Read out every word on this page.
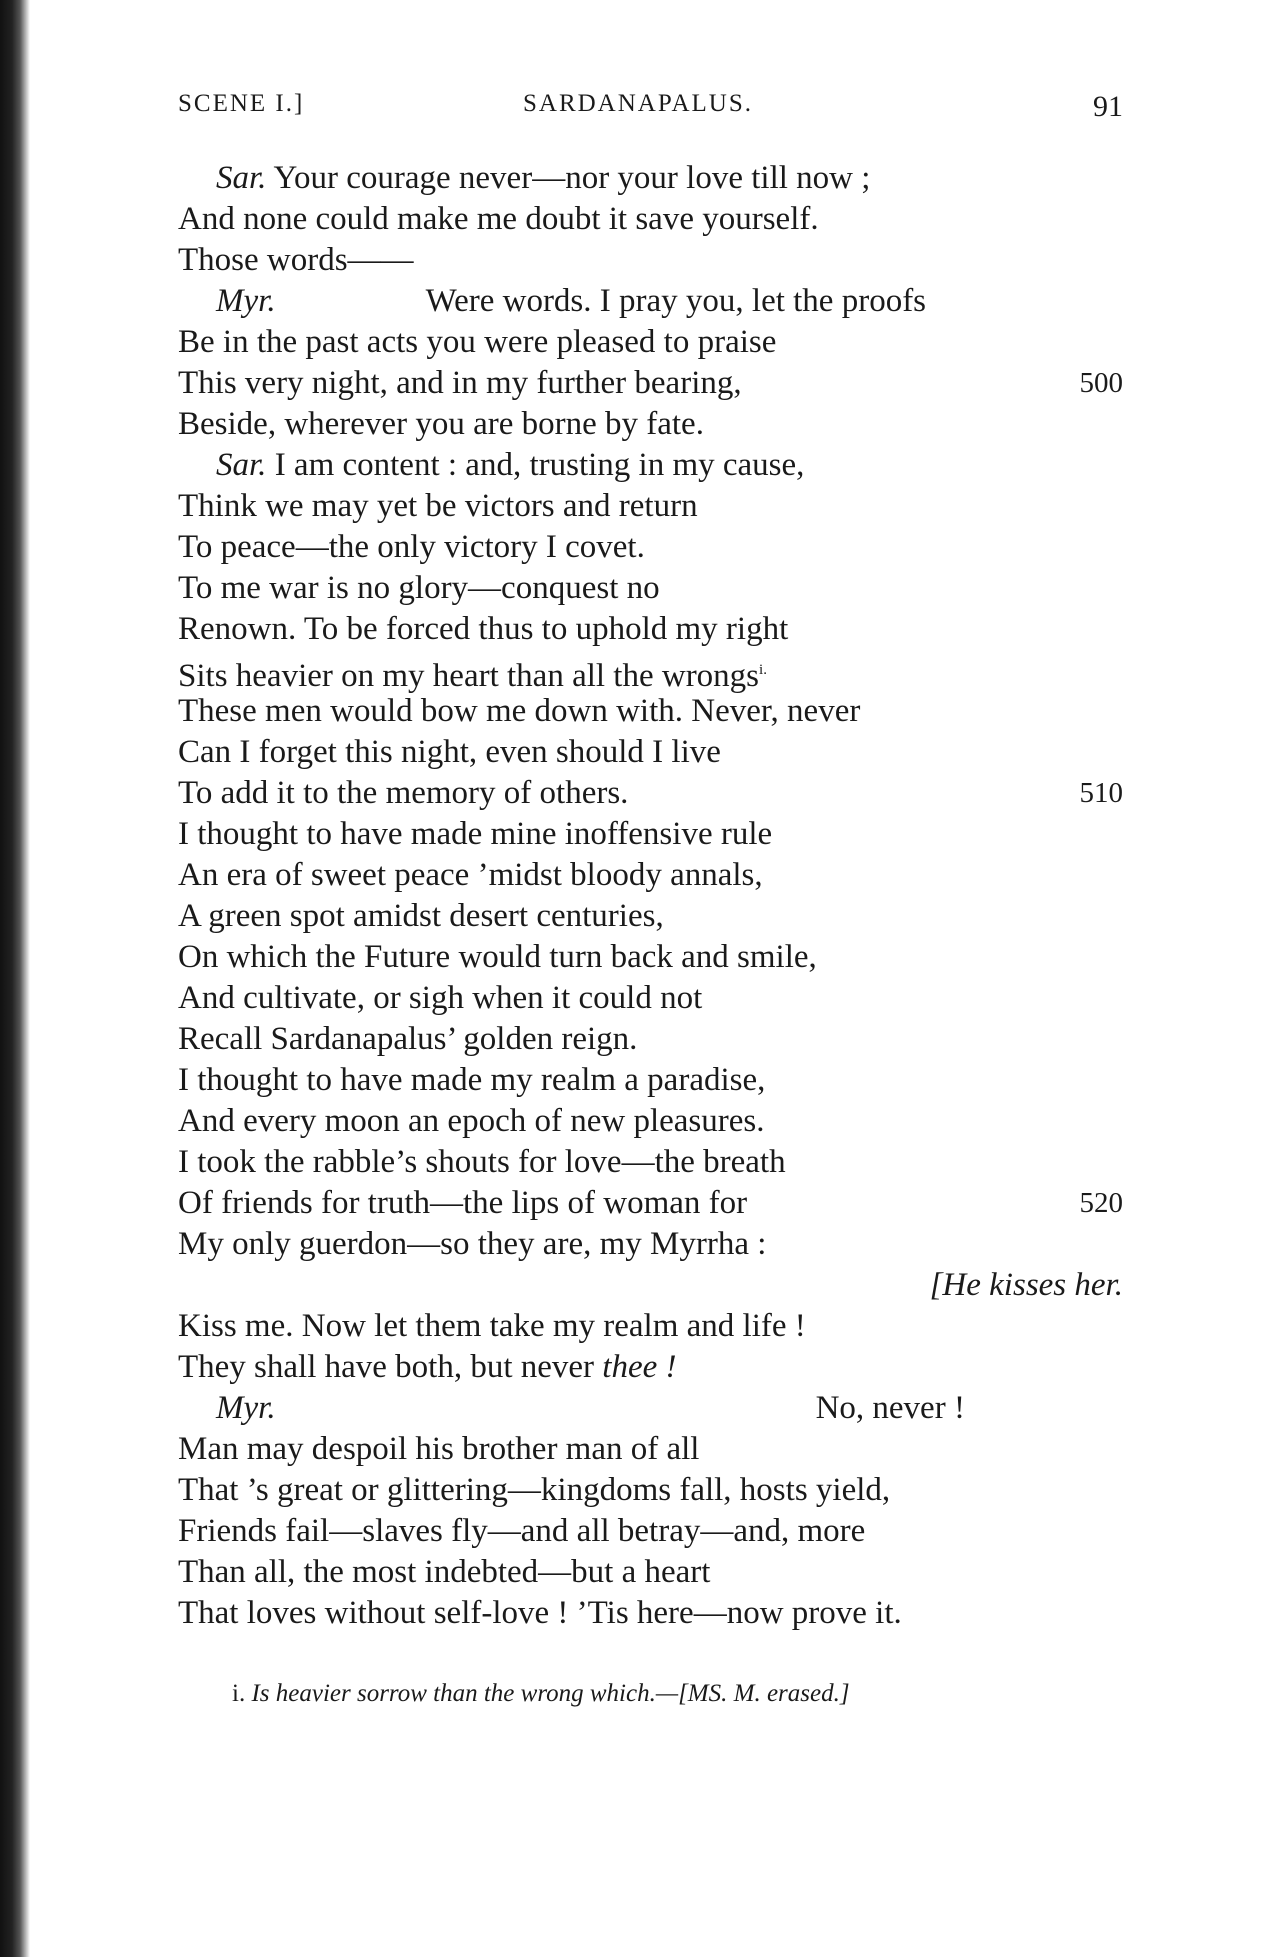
SCENE I.]	SARDANAPALUS.	91
Sar. Your courage never—nor your love till now ;
And none could make me doubt it save yourself.
Those words——
Myr.	Were words. I pray you, let the proofs
Be in the past acts you were pleased to praise
This very night, and in my further bearing,	500
Beside, wherever you are borne by fate.
Sar. I am content : and, trusting in my cause,
Think we may yet be victors and return
To peace—the only victory I covet.
To me war is no glory—conquest no
Renown. To be forced thus to uphold my right
Sits heavier on my heart than all the wrongs$^{i.}$
These men would bow me down with. Never, never
Can I forget this night, even should I live
To add it to the memory of others.	510
I thought to have made mine inoffensive rule
An era of sweet peace ’midst bloody annals,
A green spot amidst desert centuries,
On which the Future would turn back and smile,
And cultivate, or sigh when it could not
Recall Sardanapalus’ golden reign.
I thought to have made my realm a paradise,
And every moon an epoch of new pleasures.
I took the rabble’s shouts for love—the breath
Of friends for truth—the lips of woman for	520
My only guerdon—so they are, my Myrrha :
[He kisses her.
Kiss me. Now let them take my realm and life !
They shall have both, but never thee !
Myr.	No, never !
Man may despoil his brother man of all
That ’s great or glittering—kingdoms fall, hosts yield,
Friends fail—slaves fly—and all betray—and, more
Than all, the most indebted—but a heart
That loves without self-love ! ’Tis here—now prove it.
i. Is heavier sorrow than the wrong which.—[MS. M. erased.]
